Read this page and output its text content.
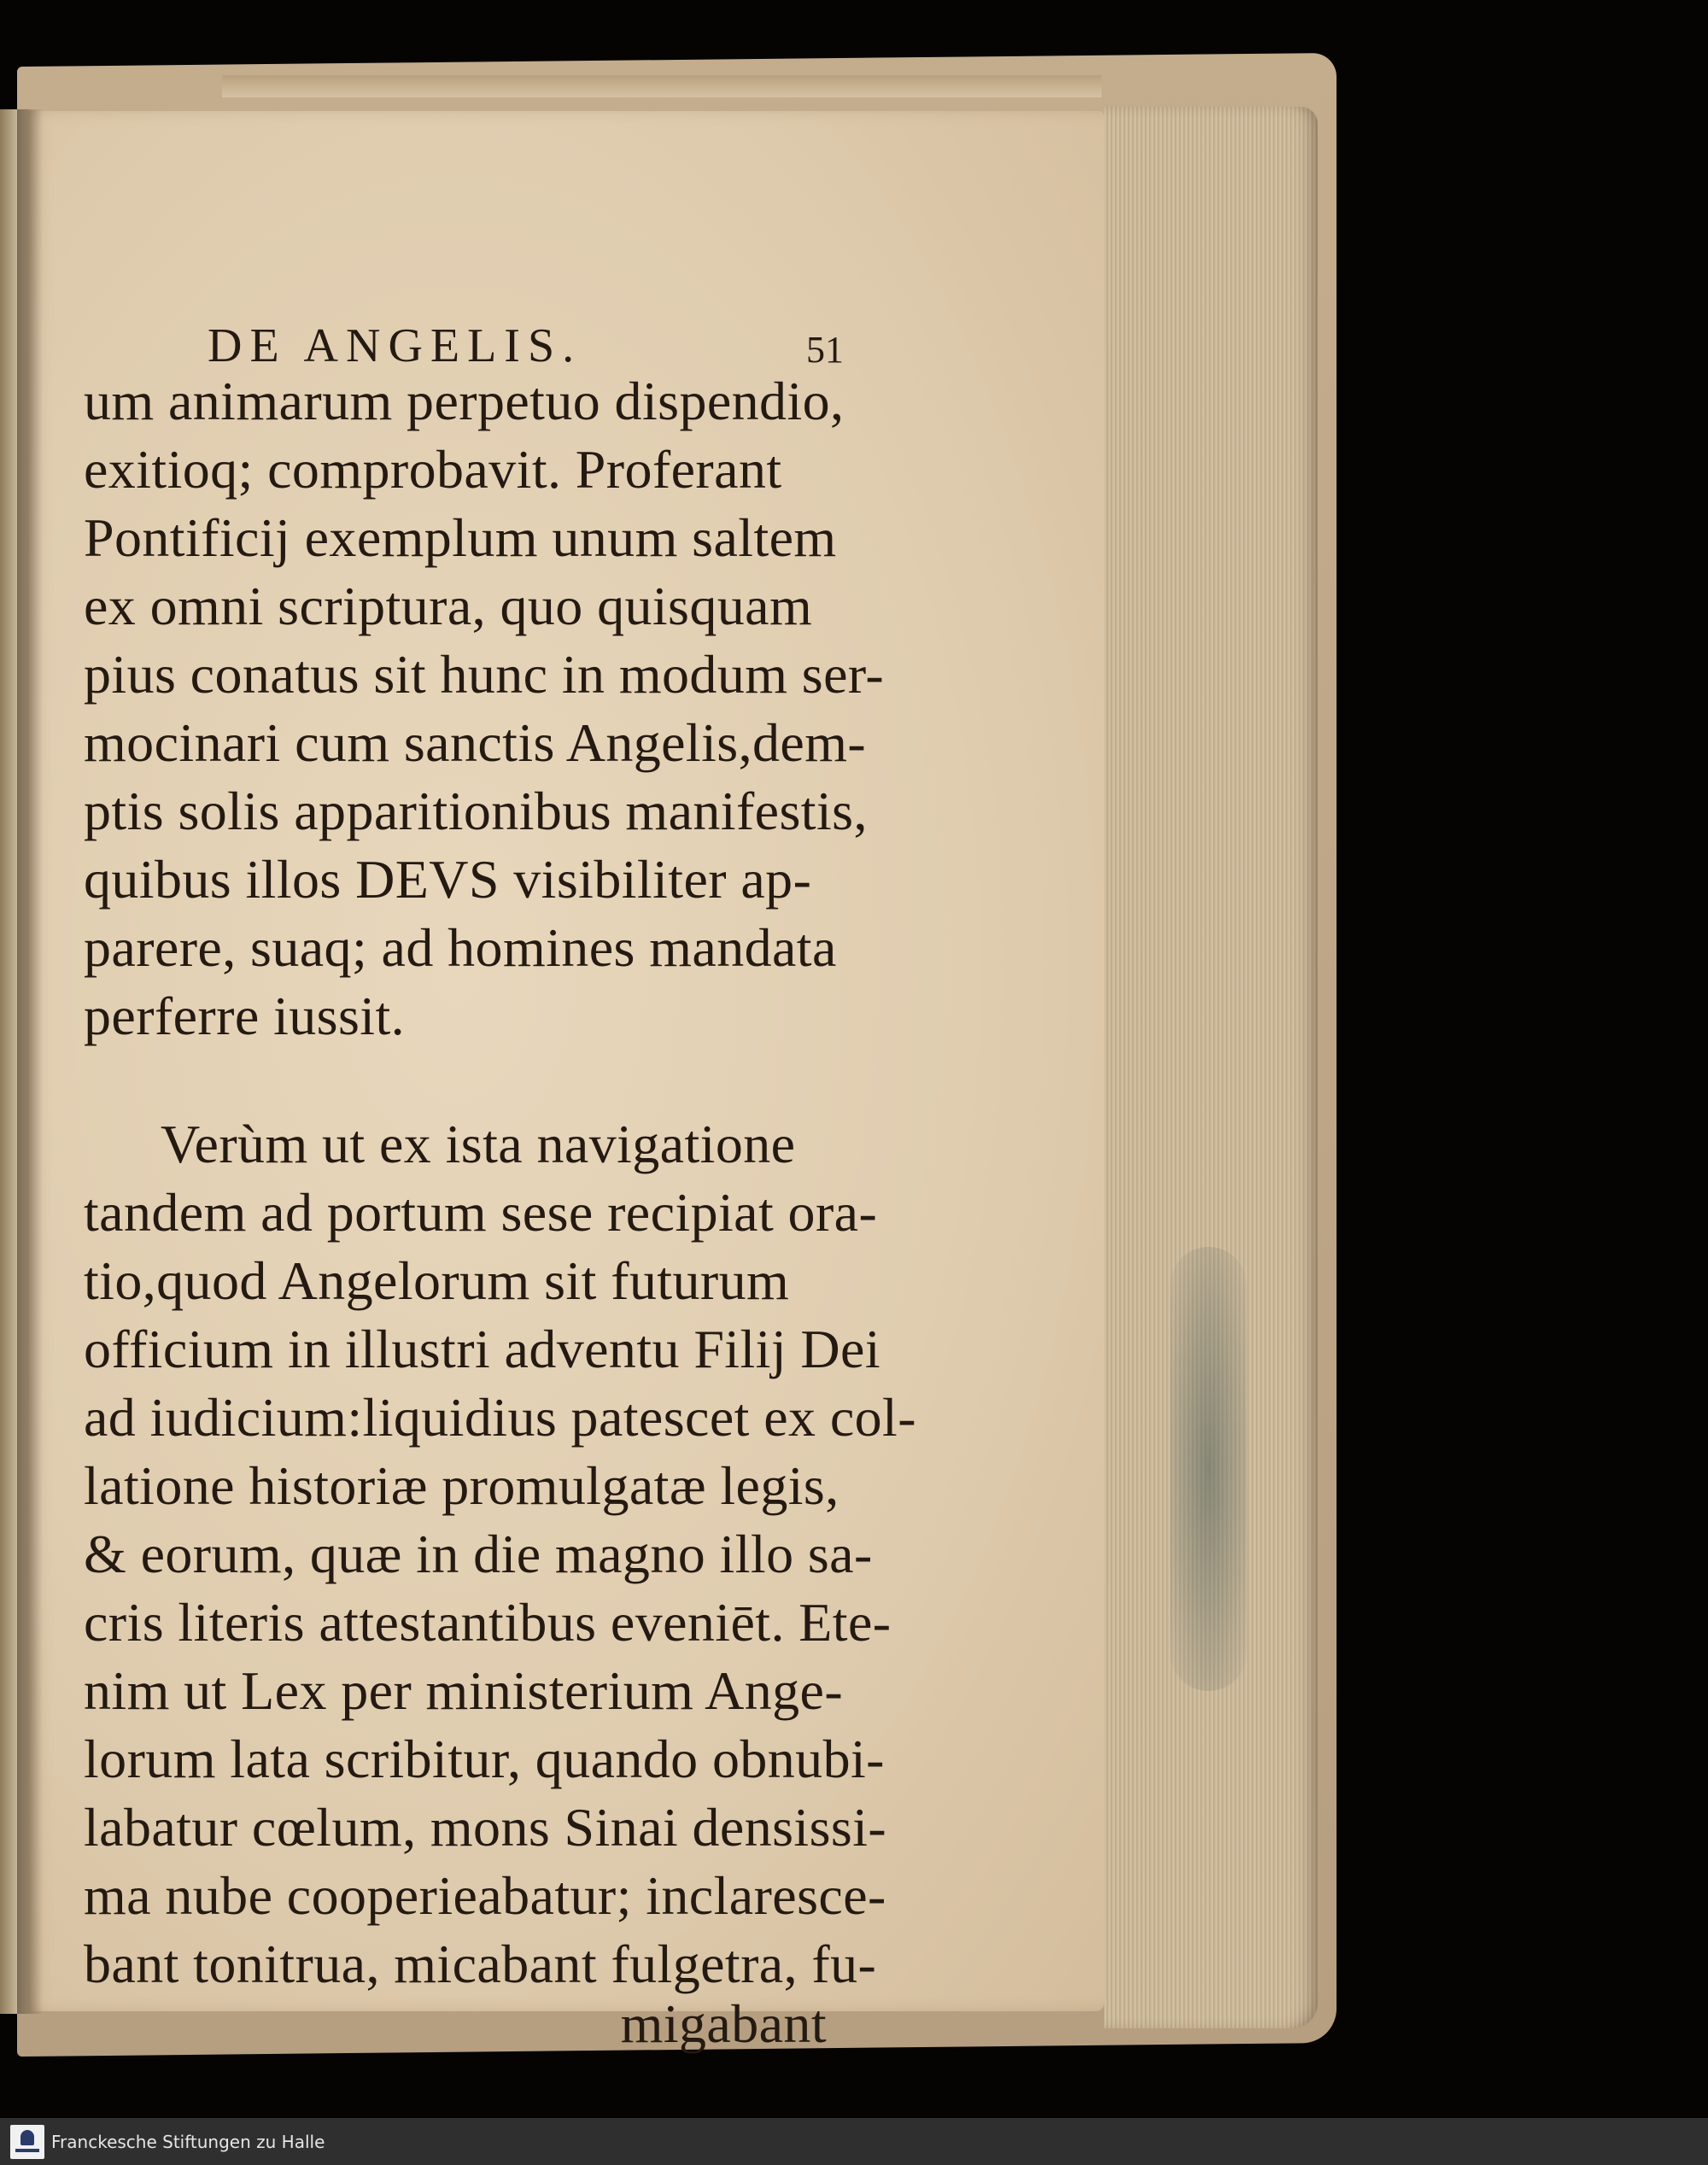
DE ANGELIS.	51
um animarum perpetuo dispendio,
exitioq; comprobavit. Proferant
Pontificij exemplum unum saltem
ex omni scriptura, quo quisquam
pius conatus sit hunc in modum ser-
mocinari cum sanctis Angelis,dem-
ptis solis apparitionibus manifestis,
quibus illos DEVS visibiliter ap-
parere, suaq; ad homines mandata
perferre iussit.
Verùm ut ex ista navigatione
tandem ad portum sese recipiat ora-
tio,quod Angelorum sit futurum
officium in illustri adventu Filij Dei
ad iudicium:liquidius patescet ex col-
latione historiæ promulgatæ legis,
& eorum, quæ in die magno illo sa-
cris literis attestantibus eveniēt. Ete-
nim ut Lex per ministerium Ange-
lorum lata scribitur, quando obnubi-
labatur cœlum, mons Sinai densissi-
ma nube cooperieabatur; inclaresce-
bant tonitrua, micabant fulgetra, fu-
migabant
Franckesche Stiftungen zu Halle
